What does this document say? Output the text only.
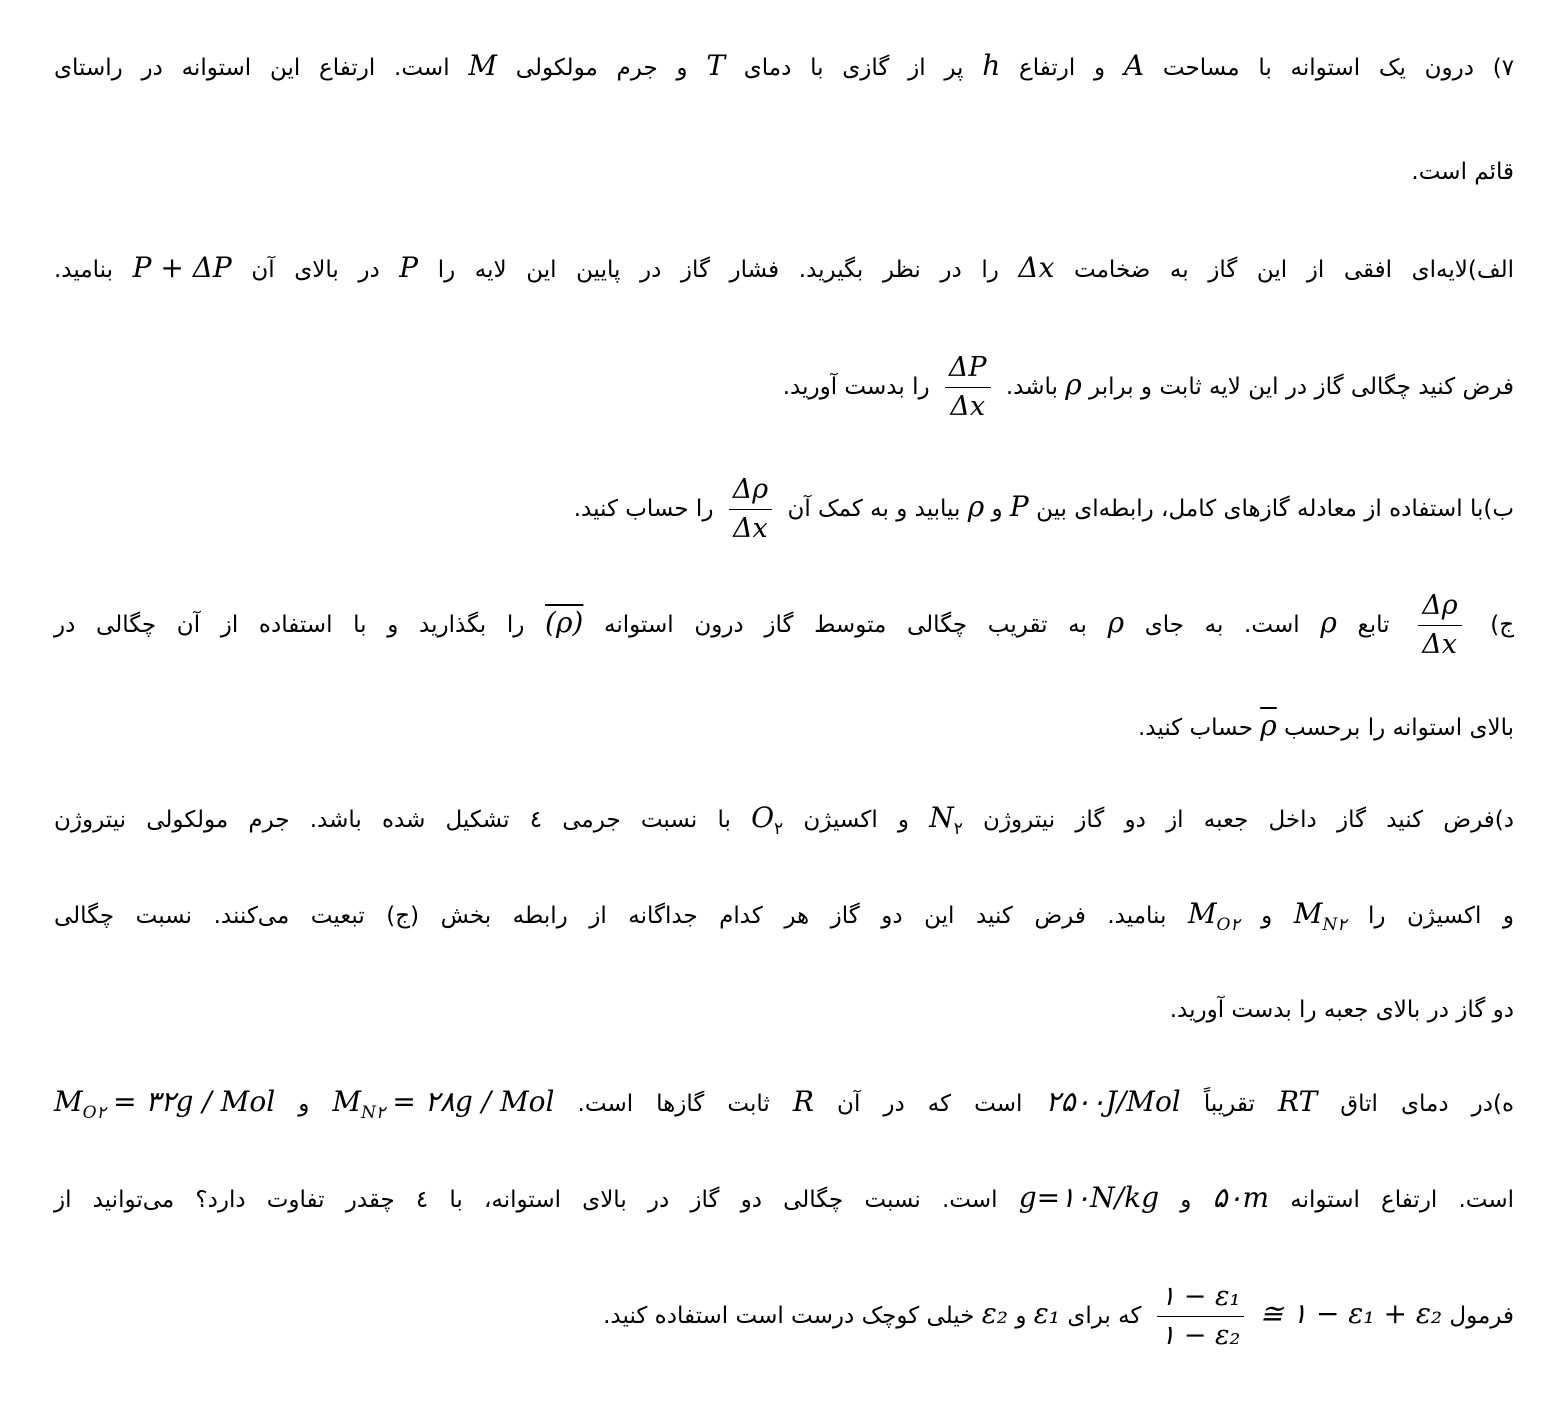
۷) درون یک استوانه با مساحت A و ارتفاع h پر از گازی با دمای T و جرم مولکولی M است. ارتفاع این استوانه در راستای
قائم است.
الف)لایه‌ای افقی از این گاز به ضخامت Δx را در نظر بگیرید. فشار گاز در پایین این لایه را P در بالای آن P + ΔP بنامید.
فرض کنید چگالی گاز در این لایه ثابت و برابر ρ باشد.
$\frac{\Delta P}{\Delta x}$
را بدست آورید.
ب)با استفاده از معادله گازهای کامل، رابطه‌ای بین P و ρ بیابید و به کمک آن
$\frac{\Delta\rho}{\Delta x}$
را حساب کنید.
ج)
$\frac{\Delta\rho}{\Delta x}$
تابع ρ است. به جای ρ به تقریب چگالی متوسط گاز درون استوانه (ρ) را بگذارید و با استفاده از آن چگالی در
بالای استوانه را برحسب ρ حساب کنید.
د)فرض کنید گاز داخل جعبه از دو گاز نیتروژن $N_۲$ و اکسیژن $O_۲$ با نسبت جرمی ٤ تشکیل شده باشد. جرم مولکولی نیتروژن
و اکسیژن را $M_{N۲}$ و $M_{O۲}$ بنامید. فرض کنید این دو گاز هر کدام جداگانه از رابطه بخش (ج) تبعیت می‌کنند. نسبت چگالی
دو گاز در بالای جعبه را بدست آورید.
ه)در دمای اتاق RT تقریباً ۲۵۰۰J/Mol است که در آن R ثابت گازها است. $M_{N۲}$ = ۲۸g / Mol و $M_{O۲}$ = ۳۲g / Mol
است. ارتفاع استوانه ۵۰m و g=۱۰N/kg است. نسبت چگالی دو گاز در بالای استوانه، با ٤ چقدر تفاوت دارد؟ می‌توانید از
فرمول
$\frac{\text{۱ − ε₁}}{\text{۱ − ε₂}}$ ≅ ۱ − ε₁ + ε₂ که برای ε₁ و ε₂ خیلی کوچک درست است استفاده کنید.
